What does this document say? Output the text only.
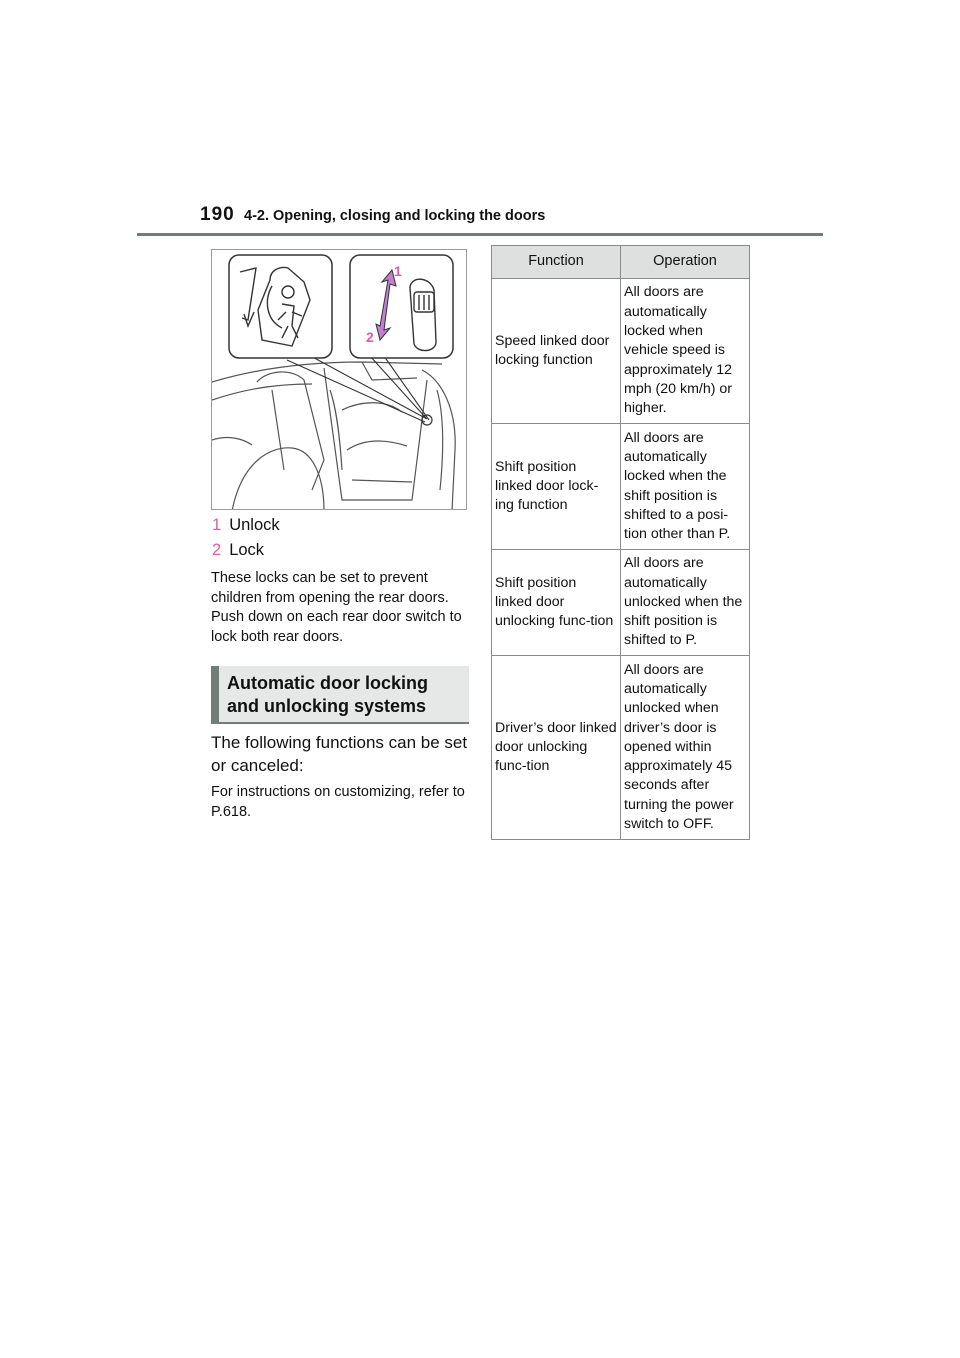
190 4-2. Opening, closing and locking the doors
1
2
1 Unlock
2 Lock
These locks can be set to prevent children from opening the rear doors. Push down on each rear door switch to lock both rear doors.
Automatic door locking
and unlocking systems
The following functions can be set or canceled:
For instructions on customizing, refer to P.618.
Function	Operation
Speed linked door locking function	All doors are automatically locked when vehicle speed is approximately 12 mph (20 km/h) or higher.
Shift position linked door lock-ing function	All doors are automatically locked when the shift position is shifted to a posi-tion other than P.
Shift position linked door unlocking func-tion	All doors are automatically unlocked when the shift position is shifted to P.
Driver’s door linked door unlocking func-tion	All doors are automatically unlocked when driver’s door is opened within approximately 45 seconds after turning the power switch to OFF.
